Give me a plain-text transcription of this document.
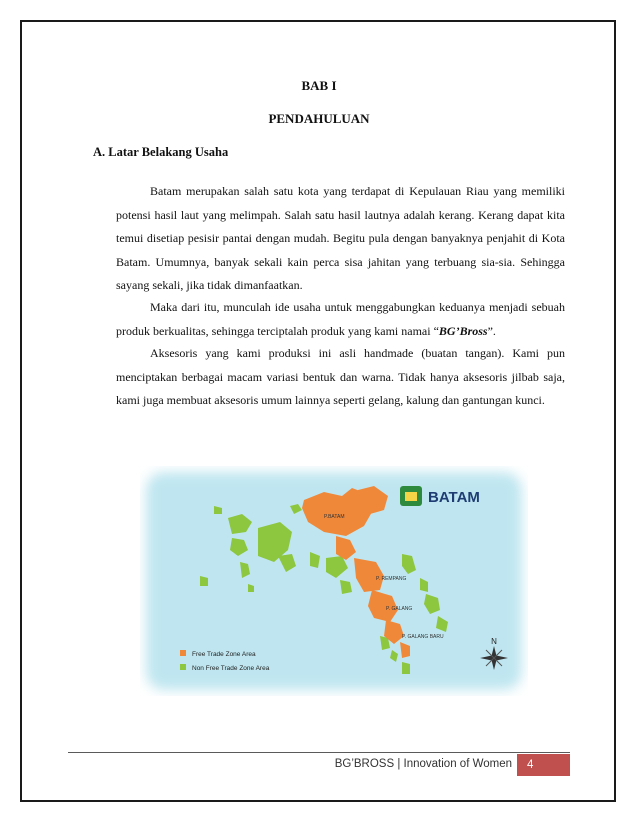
BAB I
PENDAHULUAN
A. Latar Belakang Usaha
Batam merupakan salah satu kota yang terdapat di Kepulauan Riau yang memiliki potensi hasil laut yang melimpah. Salah satu hasil lautnya adalah kerang. Kerang dapat kita temui disetiap pesisir pantai dengan mudah. Begitu pula dengan banyaknya penjahit di Kota Batam. Umumnya, banyak sekali kain perca sisa jahitan yang terbuang sia-sia. Sehingga sayang sekali, jika tidak dimanfaatkan.
Maka dari itu, munculah ide usaha untuk menggabungkan keduanya menjadi sebuah produk berkualitas, sehingga terciptalah produk yang kami namai “BG’Bross”.
Aksesoris yang kami produksi ini asli handmade (buatan tangan). Kami pun menciptakan berbagai macam variasi bentuk dan warna. Tidak hanya aksesoris jilbab saja, kami juga membuat aksesoris umum lainnya seperti gelang, kalung dan gantungan kunci.
P.BATAM
P. REMPANG
P. GALANG
P. GALANG BARU
BATAM
N
Free Trade Zone Area
Non Free Trade Zone Area
BG’BROSS | Innovation of Women	4
